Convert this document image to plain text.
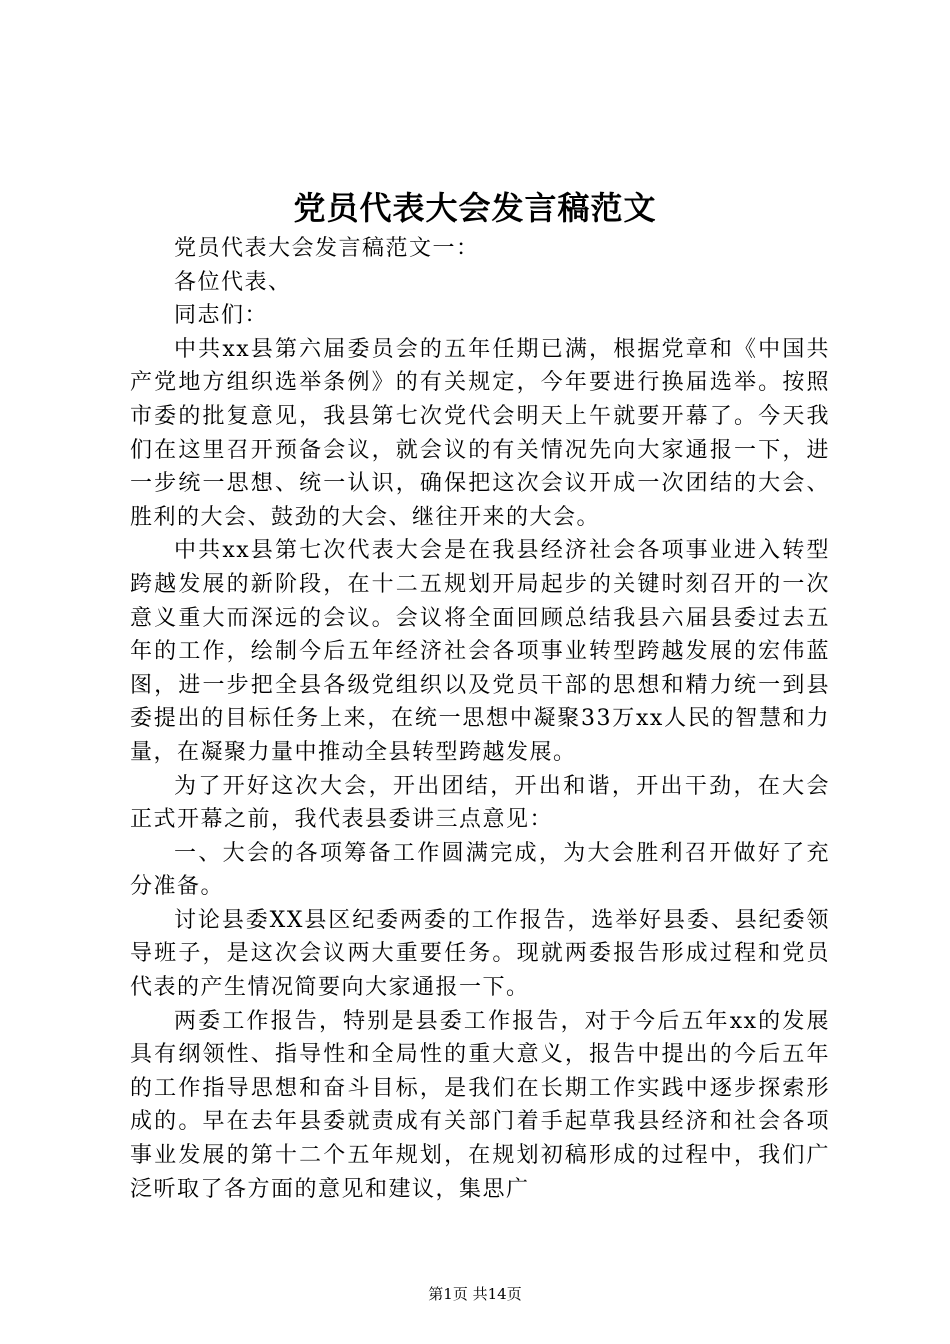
党员代表大会发言稿范文

党员代表大会发言稿范文一：

各位代表、

同志们：

中共xx县第六届委员会的五年任期已满，根据党章和《中国共产党地方组织选举条例》的有关规定，今年要进行换届选举。按照市委的批复意见，我县第七次党代会明天上午就要开幕了。今天我们在这里召开预备会议，就会议的有关情况先向大家通报一下，进一步统一思想、统一认识，确保把这次会议开成一次团结的大会、胜利的大会、鼓劲的大会、继往开来的大会。

中共xx县第七次代表大会是在我县经济社会各项事业进入转型跨越发展的新阶段，在十二五规划开局起步的关键时刻召开的一次意义重大而深远的会议。会议将全面回顾总结我县六届县委过去五年的工作，绘制今后五年经济社会各项事业转型跨越发展的宏伟蓝图，进一步把全县各级党组织以及党员干部的思想和精力统一到县委提出的目标任务上来，在统一思想中凝聚33万xx人民的智慧和力量，在凝聚力量中推动全县转型跨越发展。

为了开好这次大会，开出团结，开出和谐，开出干劲，在大会正式开幕之前，我代表县委讲三点意见：

一、大会的各项筹备工作圆满完成，为大会胜利召开做好了充分准备。

讨论县委XX县区纪委两委的工作报告，选举好县委、县纪委领导班子，是这次会议两大重要任务。现就两委报告形成过程和党员代表的产生情况简要向大家通报一下。

两委工作报告，特别是县委工作报告，对于今后五年xx的发展具有纲领性、指导性和全局性的重大意义，报告中提出的今后五年的工作指导思想和奋斗目标，是我们在长期工作实践中逐步探索形成的。早在去年县委就责成有关部门着手起草我县经济和社会各项事业发展的第十二个五年规划，在规划初稿形成的过程中，我们广泛听取了各方面的意见和建议，集思广

第1页 共14页
